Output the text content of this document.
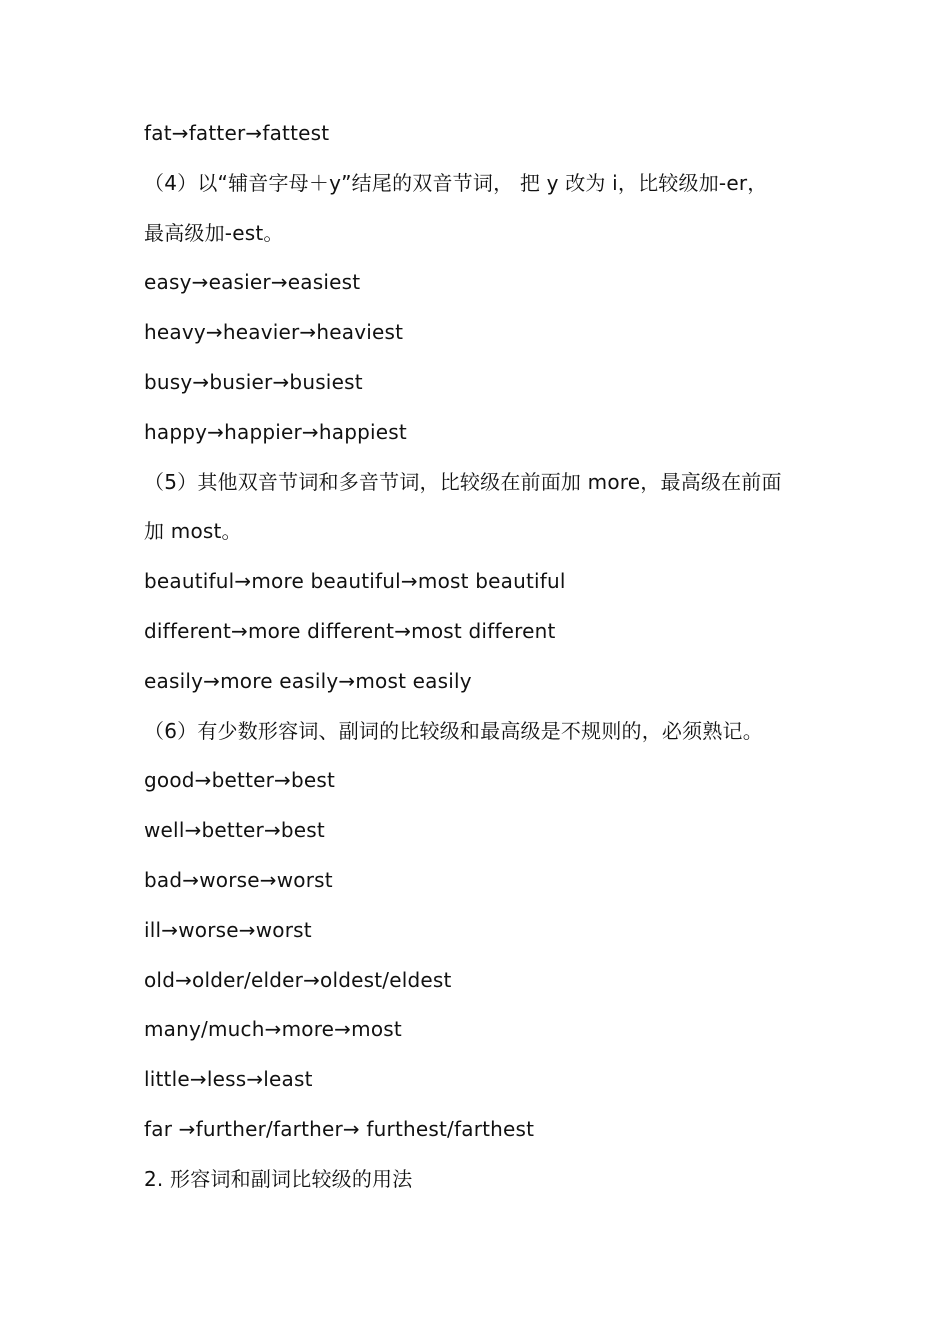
fat→fatter→fattest
（4）以“辅音字母＋y”结尾的双音节词， 把 y 改为 i，比较级加-er，
最高级加-est。
easy→easier→easiest
heavy→heavier→heaviest
busy→busier→busiest
happy→happier→happiest
（5）其他双音节词和多音节词，比较级在前面加 more，最高级在前面
加 most。
beautiful→more beautiful→most beautiful
different→more different→most different
easily→more easily→most easily
（6）有少数形容词、副词的比较级和最高级是不规则的，必须熟记。
good→better→best
well→better→best
bad→worse→worst
ill→worse→worst
old→older/elder→oldest/eldest
many/much→more→most
little→less→least
far →further/farther→ furthest/farthest
2. 形容词和副词比较级的用法
